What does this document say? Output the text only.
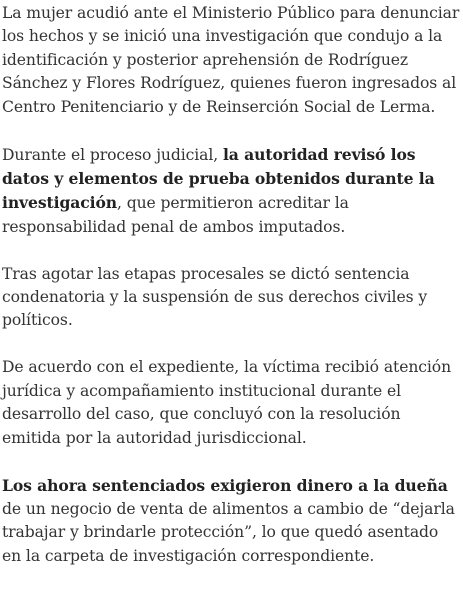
La mujer acudió ante el Ministerio Público para denunciar los hechos y se inició una investigación que condujo a la identificación y posterior aprehensión de Rodríguez Sánchez y Flores Rodríguez, quienes fueron ingresados al Centro Penitenciario y de Reinserción Social de Lerma.

Durante el proceso judicial, la autoridad revisó los datos y elementos de prueba obtenidos durante la investigación, que permitieron acreditar la responsabilidad penal de ambos imputados.

Tras agotar las etapas procesales se dictó sentencia condenatoria y la suspensión de sus derechos civiles y políticos.

De acuerdo con el expediente, la víctima recibió atención jurídica y acompañamiento institucional durante el desarrollo del caso, que concluyó con la resolución emitida por la autoridad jurisdiccional.

Los ahora sentenciados exigieron dinero a la dueña de un negocio de venta de alimentos a cambio de “dejarla trabajar y brindarle protección”, lo que quedó asentado en la carpeta de investigación correspondiente.
